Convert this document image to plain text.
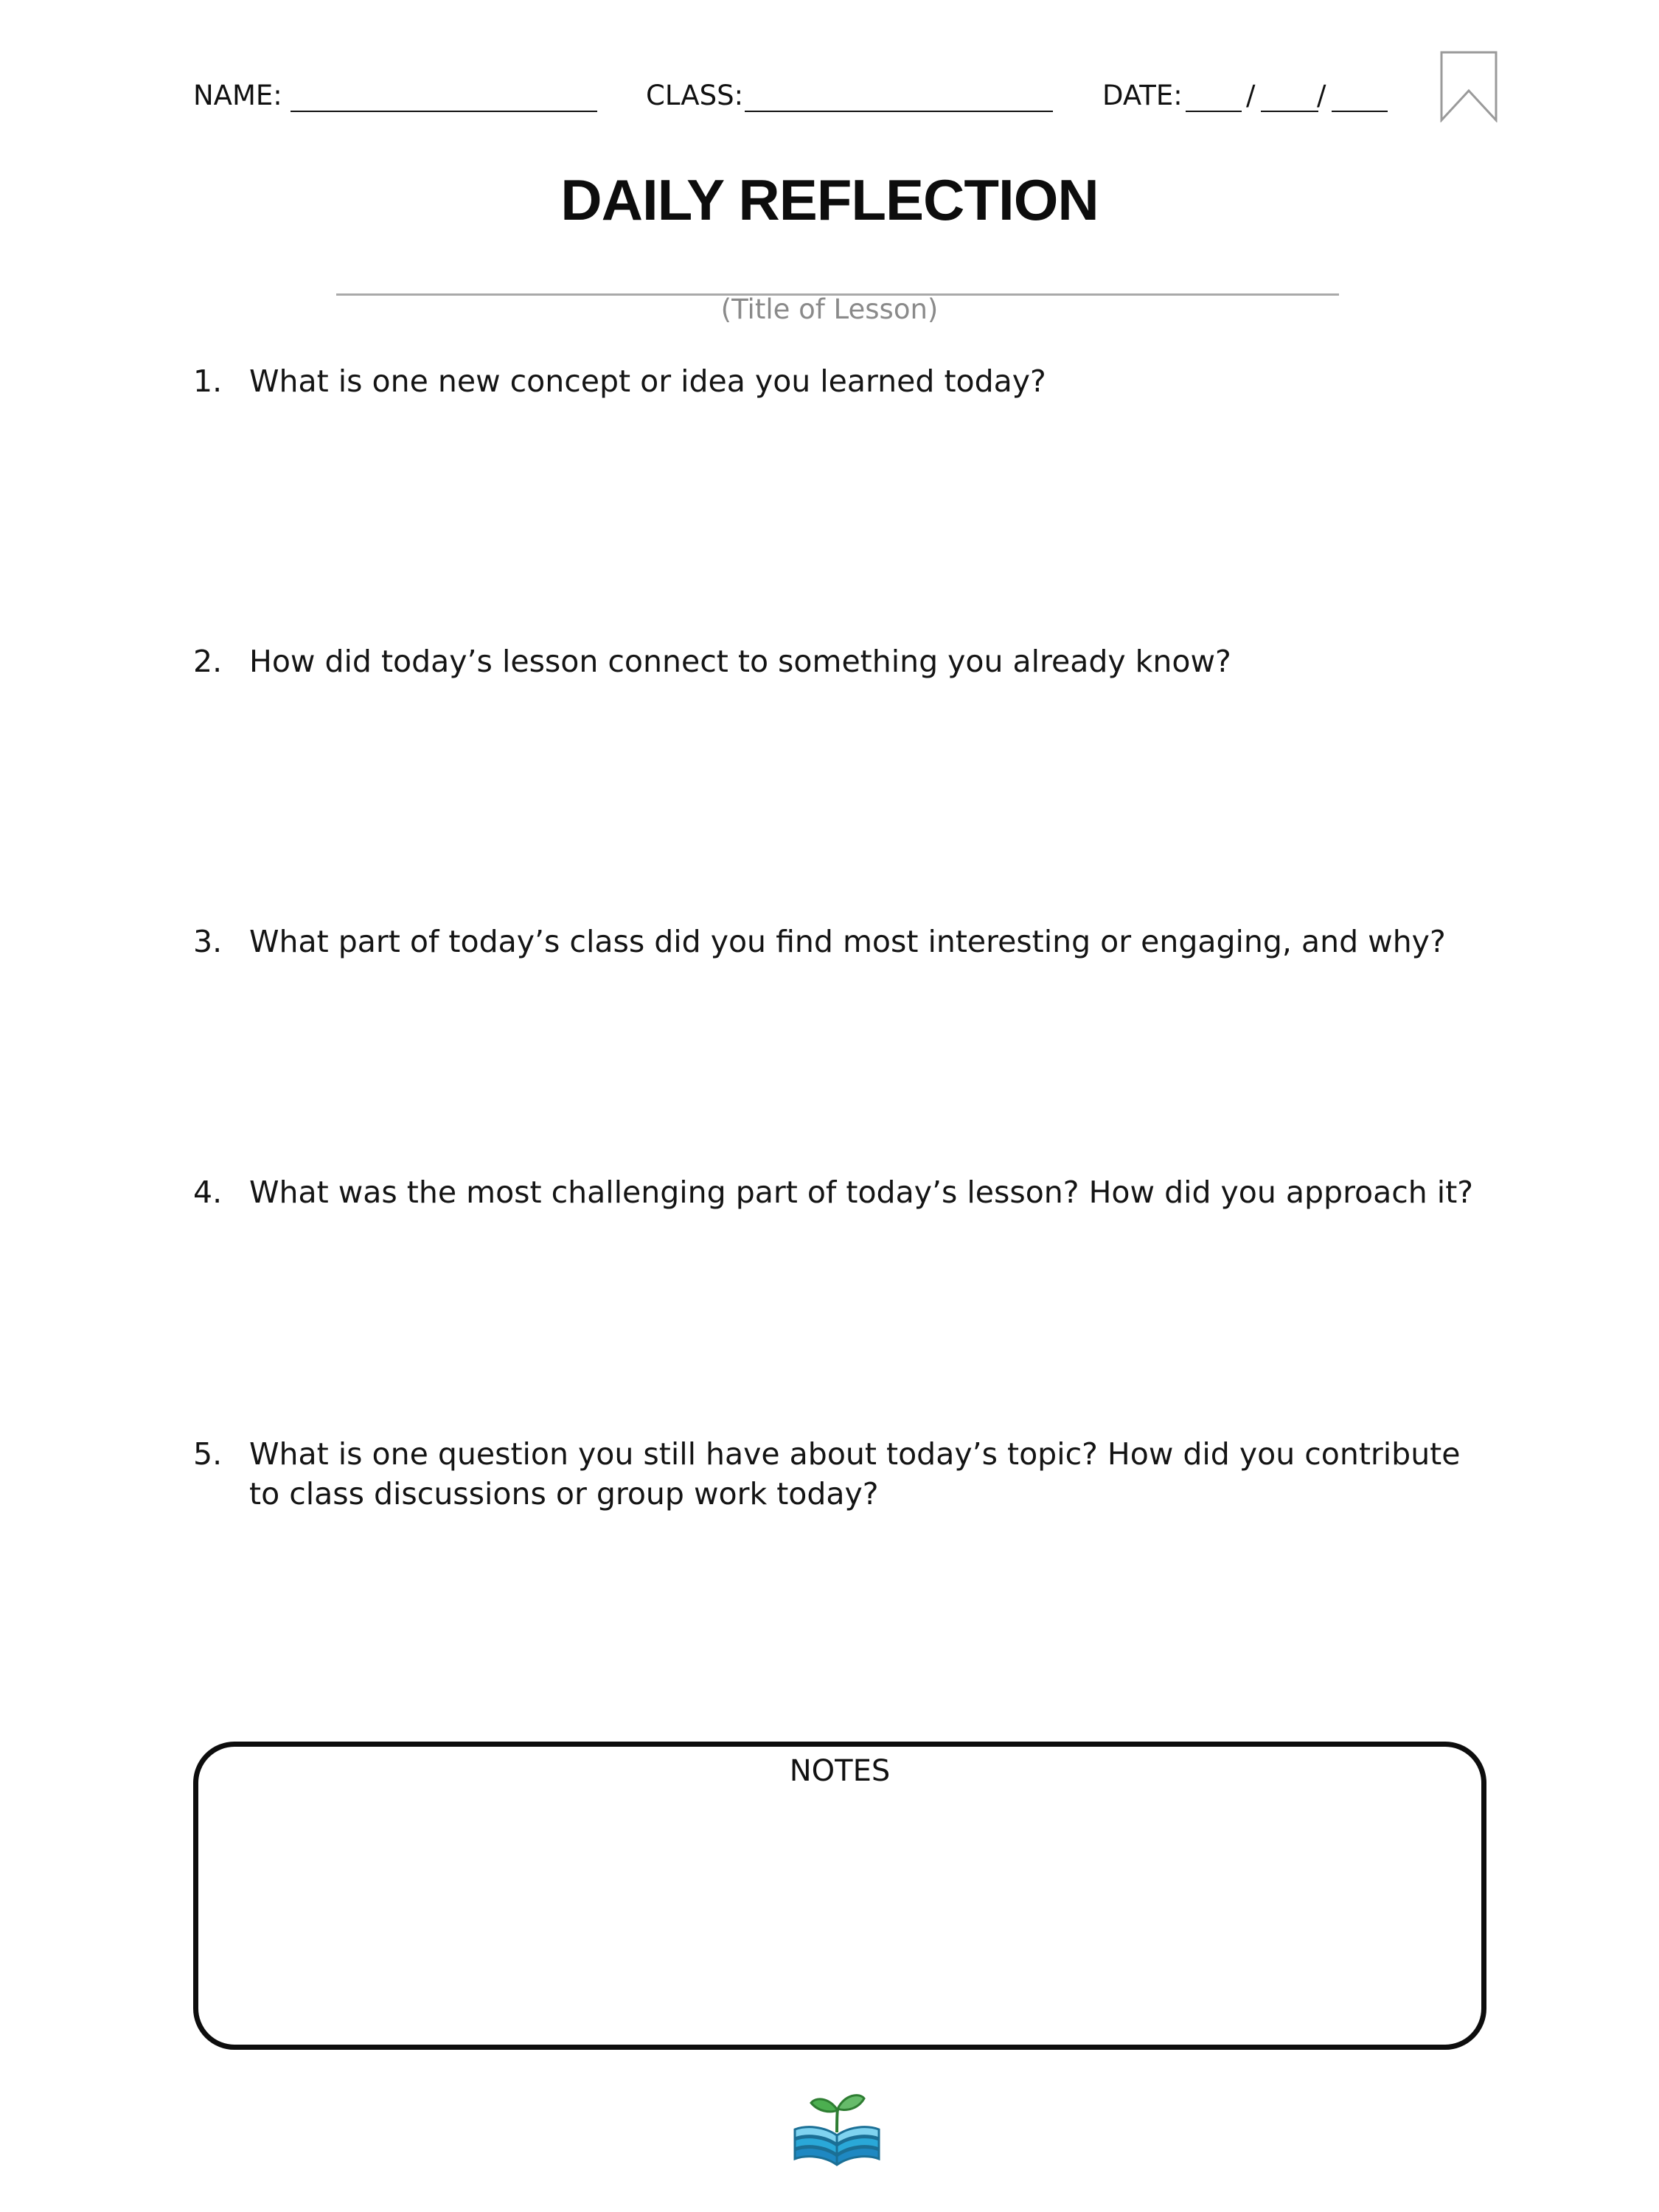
NAME:	CLASS:	DATE: / /
DAILY REFLECTION
(Title of Lesson)
1. What is one new concept or idea you learned today?
2. How did today’s lesson connect to something you already know?
3. What part of today’s class did you find most interesting or engaging, and why?
4. What was the most challenging part of today’s lesson? How did you approach it?
5. What is one question you still have about today’s topic? How did you contribute to class discussions or group work today?
NOTES
